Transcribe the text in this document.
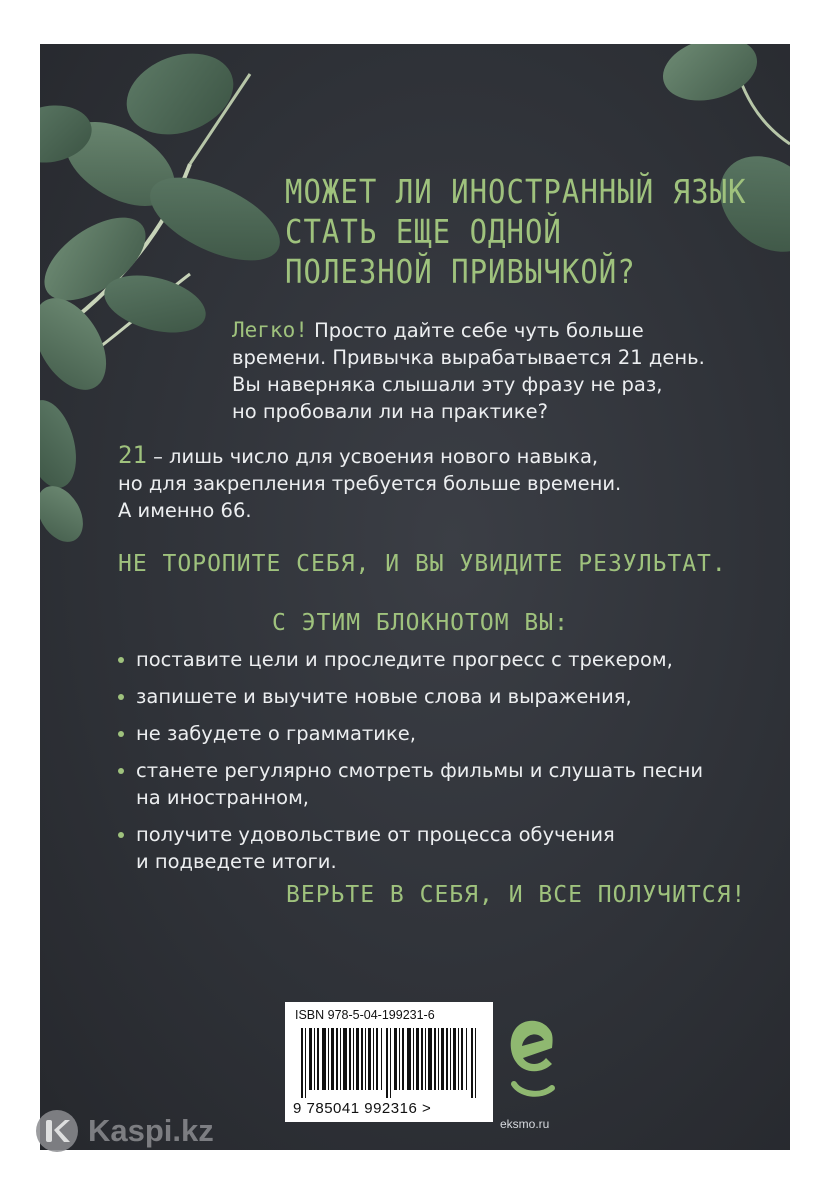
МОЖЕТ ЛИ ИНОСТРАННЫЙ ЯЗЫК
СТАТЬ ЕЩЕ ОДНОЙ
ПОЛЕЗНОЙ ПРИВЫЧКОЙ?
Легко! Просто дайте себе чуть больше
времени. Привычка вырабатывается 21 день.
Вы наверняка слышали эту фразу не раз,
но пробовали ли на практике?
21 – лишь число для усвоения нового навыка,
но для закрепления требуется больше времени.
А именно 66.
НЕ ТОРОПИТЕ СЕБЯ, И ВЫ УВИДИТЕ РЕЗУЛЬТАТ.
С ЭТИМ БЛОКНОТОМ ВЫ:
поставите цели и проследите прогресс с трекером,
запишете и выучите новые слова и выражения,
не забудете о грамматике,
станете регулярно смотреть фильмы и слушать песни
на иностранном,
получите удовольствие от процесса обучения
и подведете итоги.
ВЕРЬТЕ В СЕБЯ, И ВСЕ ПОЛУЧИТСЯ!
ISBN 978-5-04-199231-6
9 785041 992316 >
eksmo.ru
Kaspi.kz
